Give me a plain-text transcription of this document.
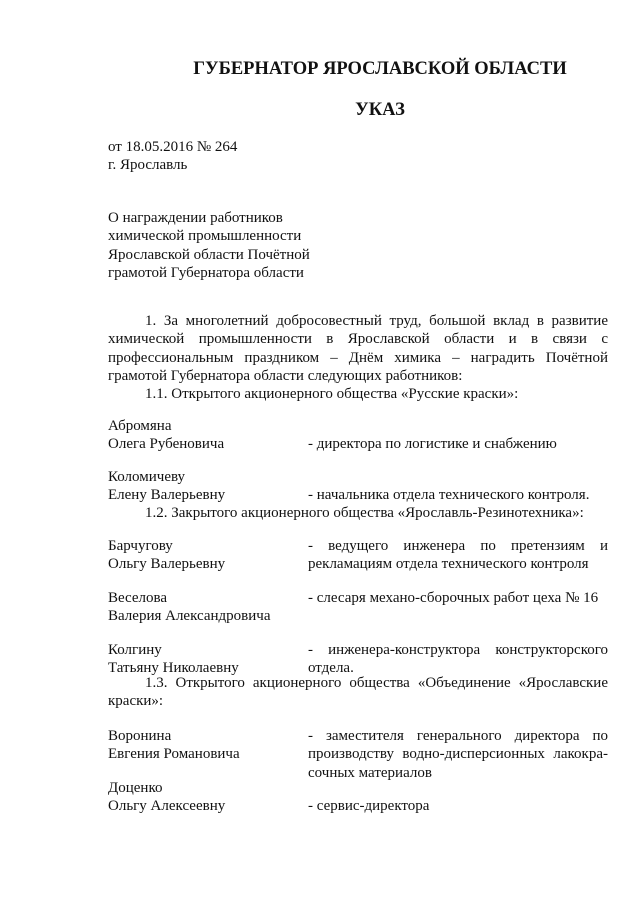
ГУБЕРНАТОР ЯРОСЛАВСКОЙ ОБЛАСТИ
УКАЗ
от 18.05.2016 № 264
г. Ярославль
О награждении работников
химической промышленности
Ярославской области Почётной
грамотой Губернатора области
1. За многолетний добросовестный труд, большой вклад в развитие химической промышленности в Ярославской области и в связи с профессиональным праздником – Днём химика – наградить Почётной грамотой Губернатора области следующих работников:
1.1. Открытого акционерного общества «Русские краски»:
Абромяна
Олега Рубеновича	- директора по логистике и снабжению
Коломичеву
Елену Валерьевну	- начальника отдела технического контроля.
1.2. Закрытого акционерного общества «Ярославль-Резинотехника»:
Барчугову
Ольгу Валерьевну
- ведущего инженера по претензиям и рекламациям отдела технического контроля
Веселова
Валерия Александровича
- слесаря механо-сборочных работ цеха № 16
Колгину
Татьяну Николаевну
- инженера-конструктора конструкторского отдела.
1.3. Открытого акционерного общества «Объединение «Ярославские краски»:
Воронина
Евгения Романовича
- заместителя генерального директора по производству водно-дисперсионных лакокра-сочных материалов
Доценко
Ольгу Алексеевну	- сервис-директора
